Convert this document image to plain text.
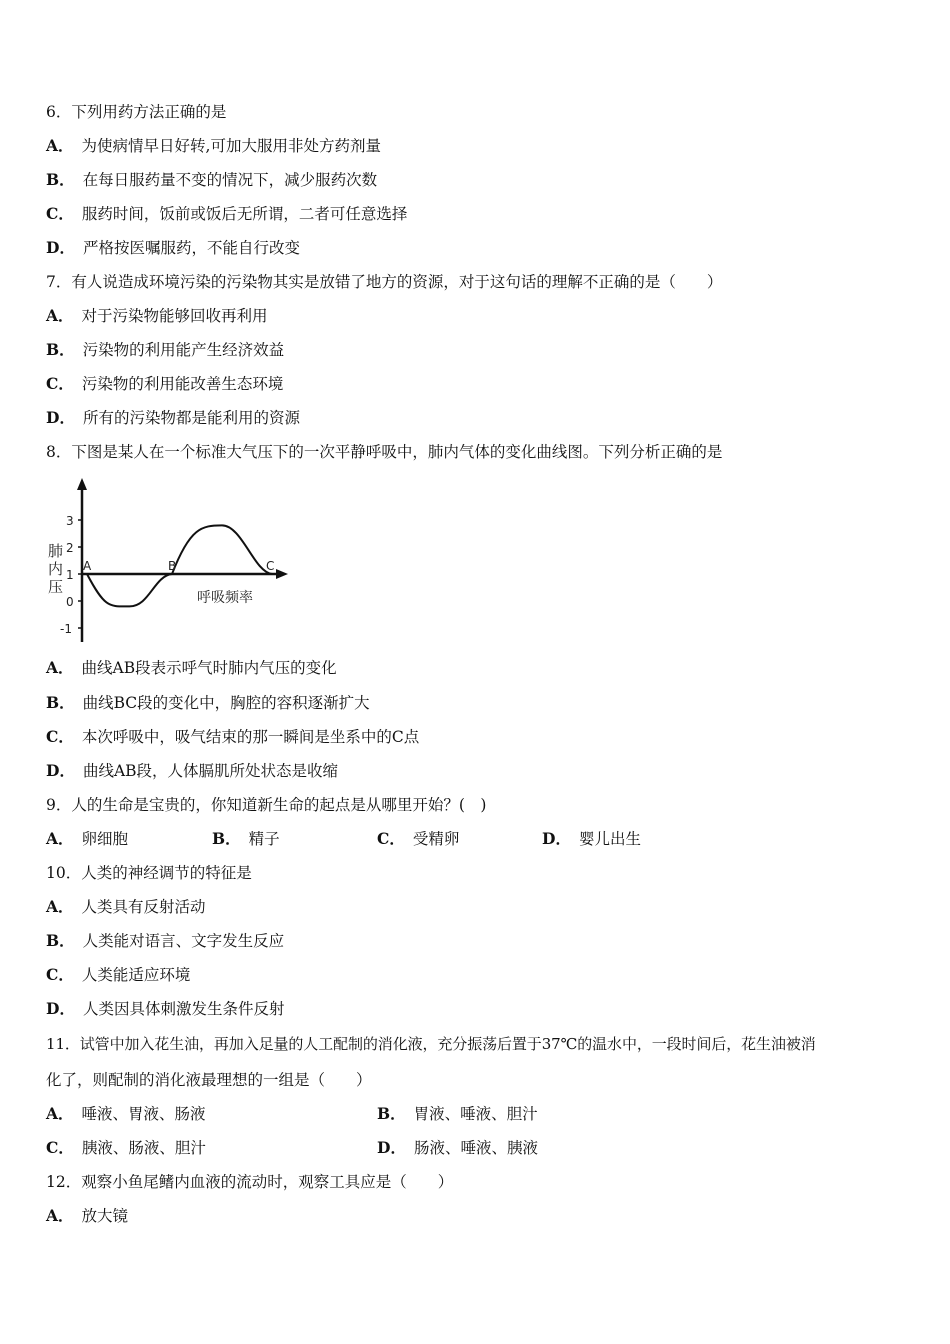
6．下列用药方法正确的是
A． 为使病情早日好转,可加大服用非处方药剂量
B． 在每日服药量不变的情况下，减少服药次数
C． 服药时间，饭前或饭后无所谓，二者可任意选择
D． 严格按医嘱服药，不能自行改变
7．有人说造成环境污染的污染物其实是放错了地方的资源，对于这句话的理解不正确的是（　　）
A． 对于污染物能够回收再利用
B． 污染物的利用能产生经济效益
C． 污染物的利用能改善生态环境
D． 所有的污染物都是能利用的资源
8．下图是某人在一个标准大气压下的一次平静呼吸中，肺内气体的变化曲线图。下列分析正确的是
3
2
1
0
-1
肺
内
压
A	B	C
呼吸频率
A． 曲线AB段表示呼气时肺内气压的变化
B． 曲线BC段的变化中，胸腔的容积逐渐扩大
C． 本次呼吸中，吸气结束的那一瞬间是坐系中的C点
D． 曲线AB段，人体膈肌所处状态是收缩
9．人的生命是宝贵的，你知道新生命的起点是从哪里开始？(　)
A． 卵细胞	B． 精子	C． 受精卵	D． 婴儿出生
10．人类的神经调节的特征是
A． 人类具有反射活动
B． 人类能对语言、文字发生反应
C． 人类能适应环境
D． 人类因具体刺激发生条件反射
11．试管中加入花生油，再加入足量的人工配制的消化液，充分振荡后置于37℃的温水中，一段时间后，花生油被消
化了，则配制的消化液最理想的一组是（　　）
A． 唾液、胃液、肠液	B． 胃液、唾液、胆汁
C． 胰液、肠液、胆汁	D． 肠液、唾液、胰液
12．观察小鱼尾鳍内血液的流动时，观察工具应是（　　）
A． 放大镜
